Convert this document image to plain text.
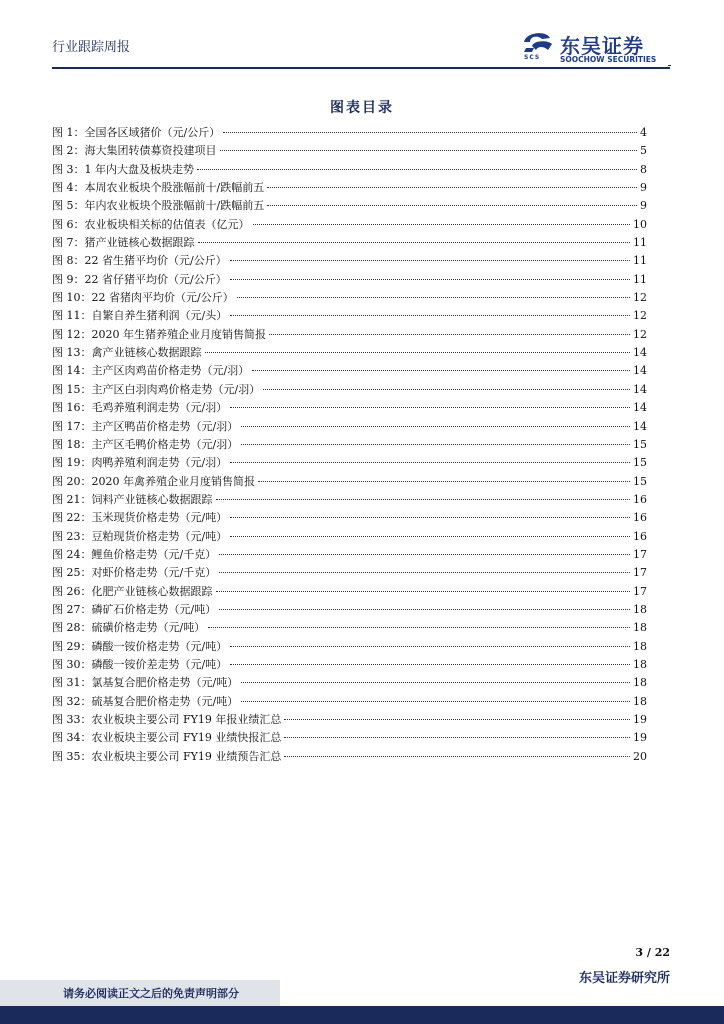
行业跟踪周报
SCS 东吴证券
SOOCHOW SECURITIES
图表目录
图 1：全国各区域猪价（元/公斤）	4
图 2：海大集团转债募资投建项目	5
图 3：1 年内大盘及板块走势	8
图 4：本周农业板块个股涨幅前十/跌幅前五	9
图 5：年内农业板块个股涨幅前十/跌幅前五	9
图 6：农业板块相关标的估值表（亿元）	10
图 7：猪产业链核心数据跟踪	11
图 8：22 省生猪平均价（元/公斤）	11
图 9：22 省仔猪平均价（元/公斤）	11
图 10：22 省猪肉平均价（元/公斤）	12
图 11：自繁自养生猪利润（元/头）	12
图 12：2020 年生猪养殖企业月度销售简报	12
图 13：禽产业链核心数据跟踪	14
图 14：主产区肉鸡苗价格走势（元/羽）	14
图 15：主产区白羽肉鸡价格走势（元/羽）	14
图 16：毛鸡养殖利润走势（元/羽）	14
图 17：主产区鸭苗价格走势（元/羽）	14
图 18：主产区毛鸭价格走势（元/羽）	15
图 19：肉鸭养殖利润走势（元/羽）	15
图 20：2020 年禽养殖企业月度销售简报	15
图 21：饲料产业链核心数据跟踪	16
图 22：玉米现货价格走势（元/吨）	16
图 23：豆粕现货价格走势（元/吨）	16
图 24：鲤鱼价格走势（元/千克）	17
图 25：对虾价格走势（元/千克）	17
图 26：化肥产业链核心数据跟踪	17
图 27：磷矿石价格走势（元/吨）	18
图 28：硫磺价格走势（元/吨）	18
图 29：磷酸一铵价格走势（元/吨）	18
图 30：磷酸一铵价差走势（元/吨）	18
图 31：氯基复合肥价格走势（元/吨）	18
图 32：硫基复合肥价格走势（元/吨）	18
图 33：农业板块主要公司 FY19 年报业绩汇总	19
图 34：农业板块主要公司 FY19 业绩快报汇总	19
图 35：农业板块主要公司 FY19 业绩预告汇总	20
3 / 22
东吴证券研究所
请务必阅读正文之后的免责声明部分
